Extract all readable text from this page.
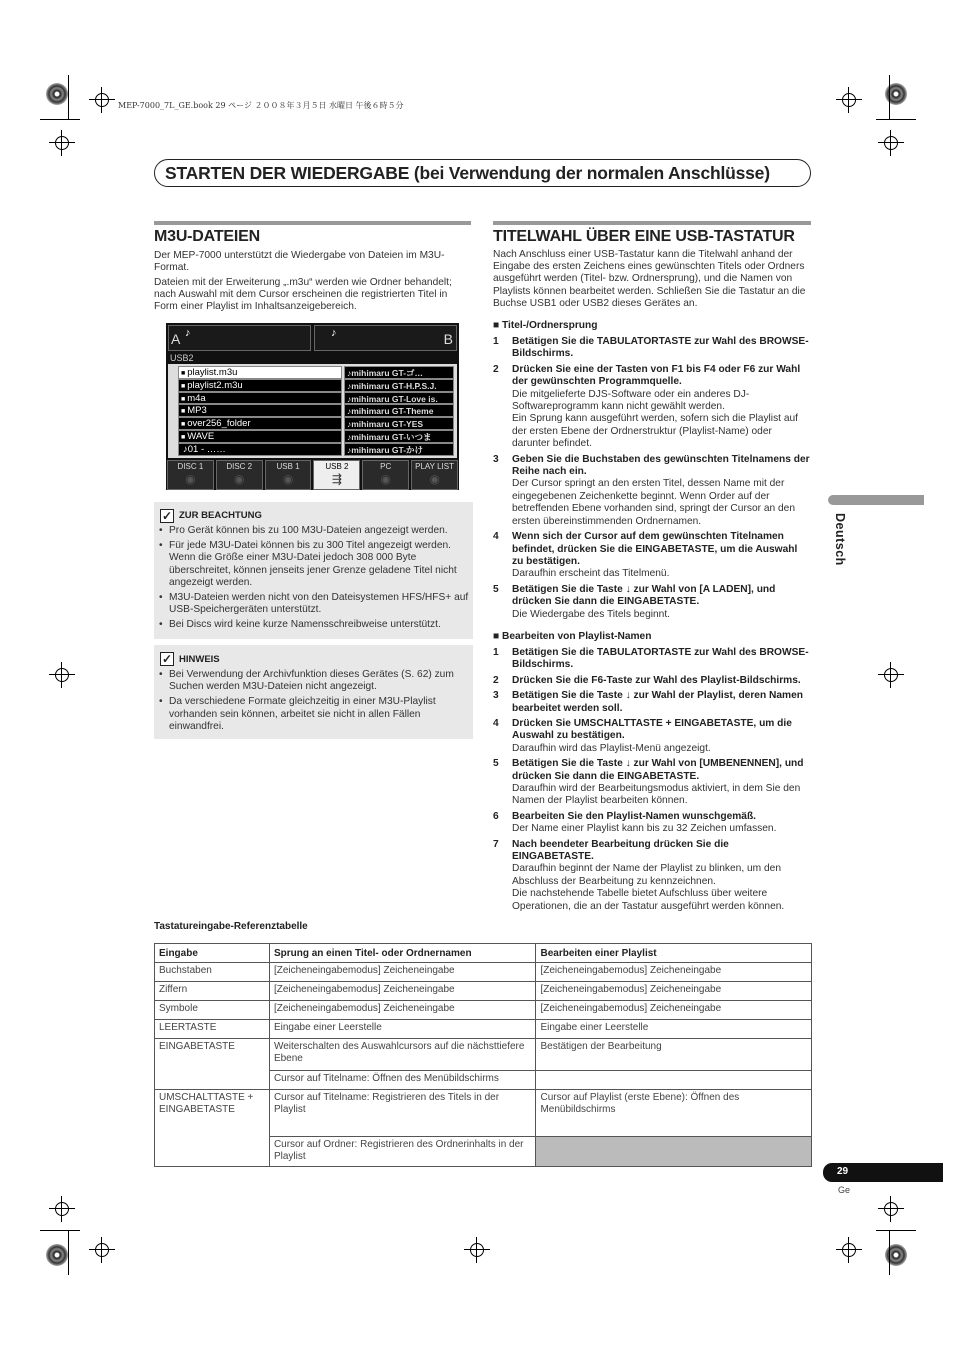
MEP-7000_7L_GE.book 29 ページ ２００８年３月５日 水曜日 午後６時５分
STARTEN DER WIEDERGABE (bei Verwendung der normalen Anschlüsse)
M3U-DATEIEN
Der MEP-7000 unterstützt die Wiedergabe von Dateien im M3U-Format.
Dateien mit der Erweiterung „.m3u“ werden wie Ordner behandelt; nach Auswahl mit dem Cursor erscheinen die registrierten Titel in Form einer Playlist im Inhaltsanzeigebereich.
A ♪	♪	B
USB2
■ playlist.m3u
■ playlist2.m3u
■ m4a
■ MP3
■ over256_folder
■ WAVE
♪01 - ……
♪mihimaru GT-ゴ…
♪mihimaru GT-H.P.S.J.
♪mihimaru GT-Love is.
♪mihimaru GT-Theme
♪mihimaru GT-YES
♪mihimaru GT-いつま
♪mihimaru GT-かけ
DISC 1
◉
DISC 2
◉
USB 1
◉
USB 2
⇶
PC
◉
PLAY LIST
◉
✓ ZUR BEACHTUNG
• Pro Gerät können bis zu 100 M3U-Dateien angezeigt werden.
• Für jede M3U-Datei können bis zu 300 Titel angezeigt werden. Wenn die Größe einer M3U-Datei jedoch 308 000 Byte überschreitet, können jenseits jener Grenze geladene Titel nicht angezeigt werden.
• M3U-Dateien werden nicht von den Dateisystemen HFS/HFS+ auf USB-Speichergeräten unterstützt.
• Bei Discs wird keine kurze Namensschreibweise unterstützt.
✓ HINWEIS
• Bei Verwendung der Archivfunktion dieses Gerätes (S. 62) zum Suchen werden M3U-Dateien nicht angezeigt.
• Da verschiedene Formate gleichzeitig in einer M3U-Playlist vorhanden sein können, arbeitet sie nicht in allen Fällen einwandfrei.
TITELWAHL ÜBER EINE USB-TASTATUR
Nach Anschluss einer USB-Tastatur kann die Titelwahl anhand der Eingabe des ersten Zeichens eines gewünschten Titels oder Ordners ausgeführt werden (Titel- bzw. Ordnersprung), und die Namen von Playlists können bearbeitet werden. Schließen Sie die Tastatur an die Buchse USB1 oder USB2 dieses Gerätes an.
■ Titel-/Ordnersprung
1 Betätigen Sie die TABULATORTASTE zur Wahl des BROWSE-Bildschirms.
2 Drücken Sie eine der Tasten von F1 bis F4 oder F6 zur Wahl der gewünschten Programmquelle.
Die mitgelieferte DJS-Software oder ein anderes DJ-Softwareprogramm kann nicht gewählt werden.
Ein Sprung kann ausgeführt werden, sofern sich die Playlist auf der ersten Ebene der Ordnerstruktur (Playlist-Name) oder darunter befindet.
3 Geben Sie die Buchstaben des gewünschten Titelnamens der Reihe nach ein.
Der Cursor springt an den ersten Titel, dessen Name mit der eingegebenen Zeichenkette beginnt. Wenn Order auf der betreffenden Ebene vorhanden sind, springt der Cursor an den ersten übereinstimmenden Ordnernamen.
4 Wenn sich der Cursor auf dem gewünschten Titelnamen befindet, drücken Sie die EINGABETASTE, um die Auswahl zu bestätigen.
Daraufhin erscheint das Titelmenü.
5 Betätigen Sie die Taste ↓ zur Wahl von [A LADEN], und drücken Sie dann die EINGABETASTE.
Die Wiedergabe des Titels beginnt.
■ Bearbeiten von Playlist-Namen
1 Betätigen Sie die TABULATORTASTE zur Wahl des BROWSE-Bildschirms.
2 Drücken Sie die F6-Taste zur Wahl des Playlist-Bildschirms.
3 Betätigen Sie die Taste ↓ zur Wahl der Playlist, deren Namen bearbeitet werden soll.
4 Drücken Sie UMSCHALTTASTE + EINGABETASTE, um die Auswahl zu bestätigen.
Daraufhin wird das Playlist-Menü angezeigt.
5 Betätigen Sie die Taste ↓ zur Wahl von [UMBENENNEN], und drücken Sie dann die EINGABETASTE.
Daraufhin wird der Bearbeitungsmodus aktiviert, in dem Sie den Namen der Playlist bearbeiten können.
6 Bearbeiten Sie den Playlist-Namen wunschgemäß.
Der Name einer Playlist kann bis zu 32 Zeichen umfassen.
7 Nach beendeter Bearbeitung drücken Sie die EINGABETASTE.
Daraufhin beginnt der Name der Playlist zu blinken, um den Abschluss der Bearbeitung zu kennzeichnen.
Die nachstehende Tabelle bietet Aufschluss über weitere Operationen, die an der Tastatur ausgeführt werden können.
Tastatureingabe-Referenztabelle
Eingabe	Sprung an einen Titel- oder Ordnernamen	Bearbeiten einer Playlist
Buchstaben	[Zeicheneingabemodus] Zeicheneingabe	[Zeicheneingabemodus] Zeicheneingabe
Ziffern	[Zeicheneingabemodus] Zeicheneingabe	[Zeicheneingabemodus] Zeicheneingabe
Symbole	[Zeicheneingabemodus] Zeicheneingabe	[Zeicheneingabemodus] Zeicheneingabe
LEERTASTE	Eingabe einer Leerstelle	Eingabe einer Leerstelle
EINGABETASTE	Weiterschalten des Auswahlcursors auf die nächsttiefere Ebene	Bestätigen der Bearbeitung
	Cursor auf Titelname: Öffnen des Menübildschirms	
UMSCHALTTASTE + EINGABETASTE	Cursor auf Titelname: Registrieren des Titels in der Playlist	Cursor auf Playlist (erste Ebene): Öffnen des Menübildschirms
	Cursor auf Ordner: Registrieren des Ordnerinhalts in der Playlist	
Deutsch
29
Ge
